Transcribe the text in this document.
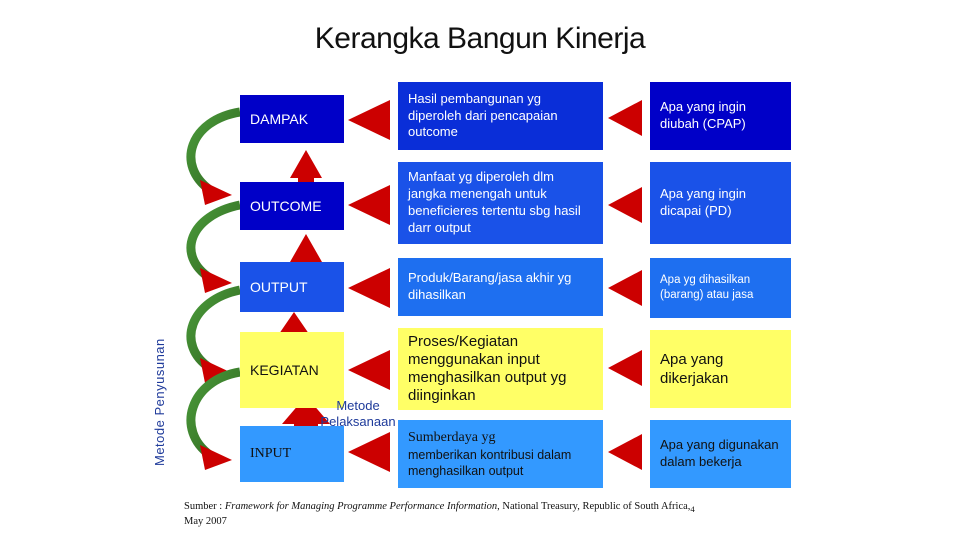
Kerangka Bangun Kinerja
Metode Penyusunan
DAMPAK
Hasil pembangunan yg diperoleh dari pencapaian outcome
Apa yang ingin diubah (CPAP)
OUTCOME
Manfaat yg diperoleh dlm jangka menengah untuk beneficieres tertentu sbg hasil darr output
Apa yang ingin dicapai (PD)
OUTPUT
Produk/Barang/jasa akhir yg dihasilkan
Apa yg dihasilkan (barang) atau jasa
KEGIATAN
Proses/Kegiatan menggunakan input menghasilkan output yg diinginkan
Apa yang dikerjakan
INPUT
Sumberdaya yg
memberikan kontribusi dalam menghasilkan output
Apa yang digunakan dalam bekerja
Metode
Pelaksanaan
Sumber : Framework for Managing Programme Performance Information, National Treasury, Republic of South $Africa,_4$
May 2007
